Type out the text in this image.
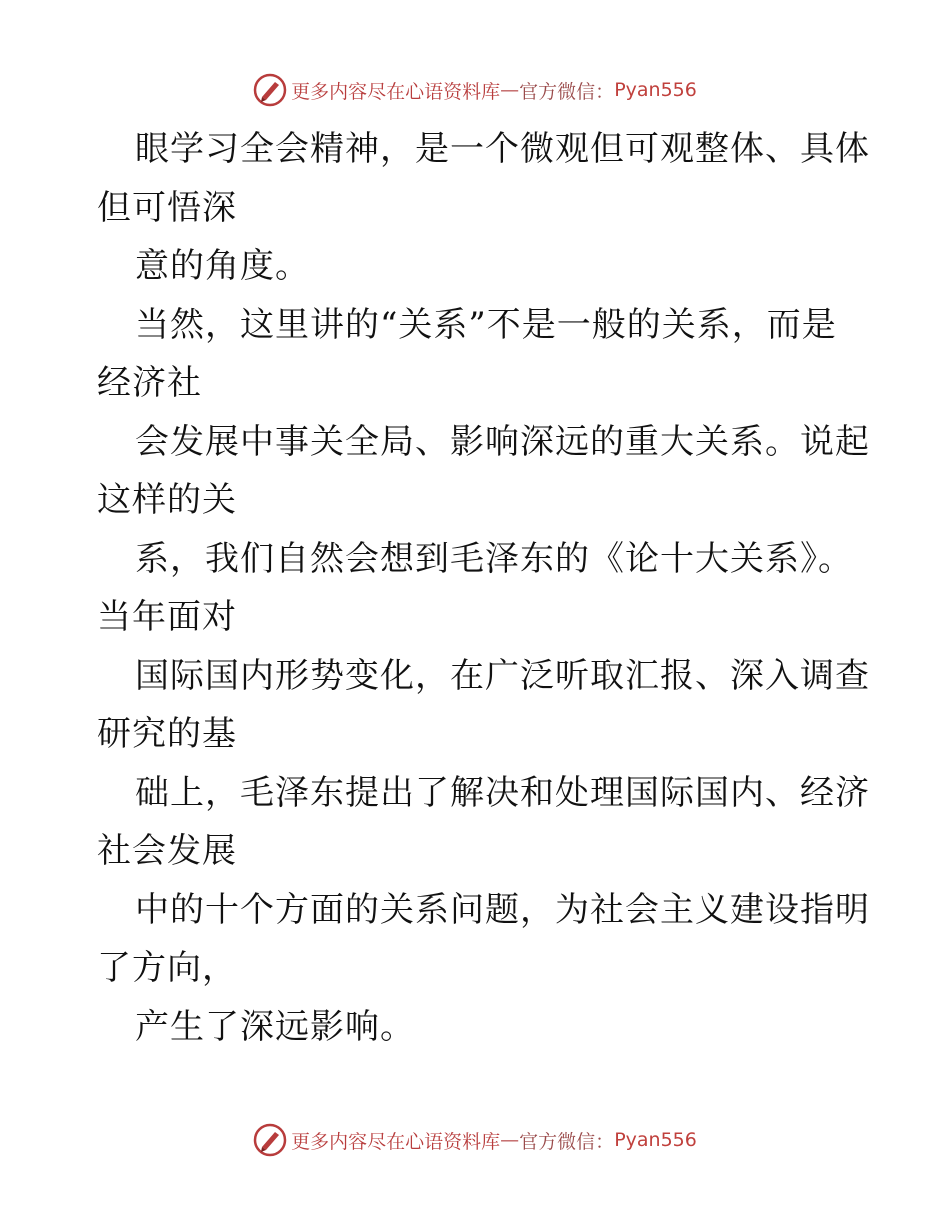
更多内容尽在心语资料库 — 官方微信： Pyan556
眼学习全会精神，是一个微观但可观整体、具体
但可悟深
意的角度。
当然，这里讲的“关系”不是一般的关系，而是
经济社
会发展中事关全局、影响深远的重大关系。说起
这样的关
系，我们自然会想到毛泽东的《论十大关系》。
当年面对
国际国内形势变化，在广泛听取汇报、深入调查
研究的基
础上，毛泽东提出了解决和处理国际国内、经济
社会发展
中的十个方面的关系问题，为社会主义建设指明
了方向，
产生了深远影响。
更多内容尽在心语资料库 — 官方微信： Pyan556
